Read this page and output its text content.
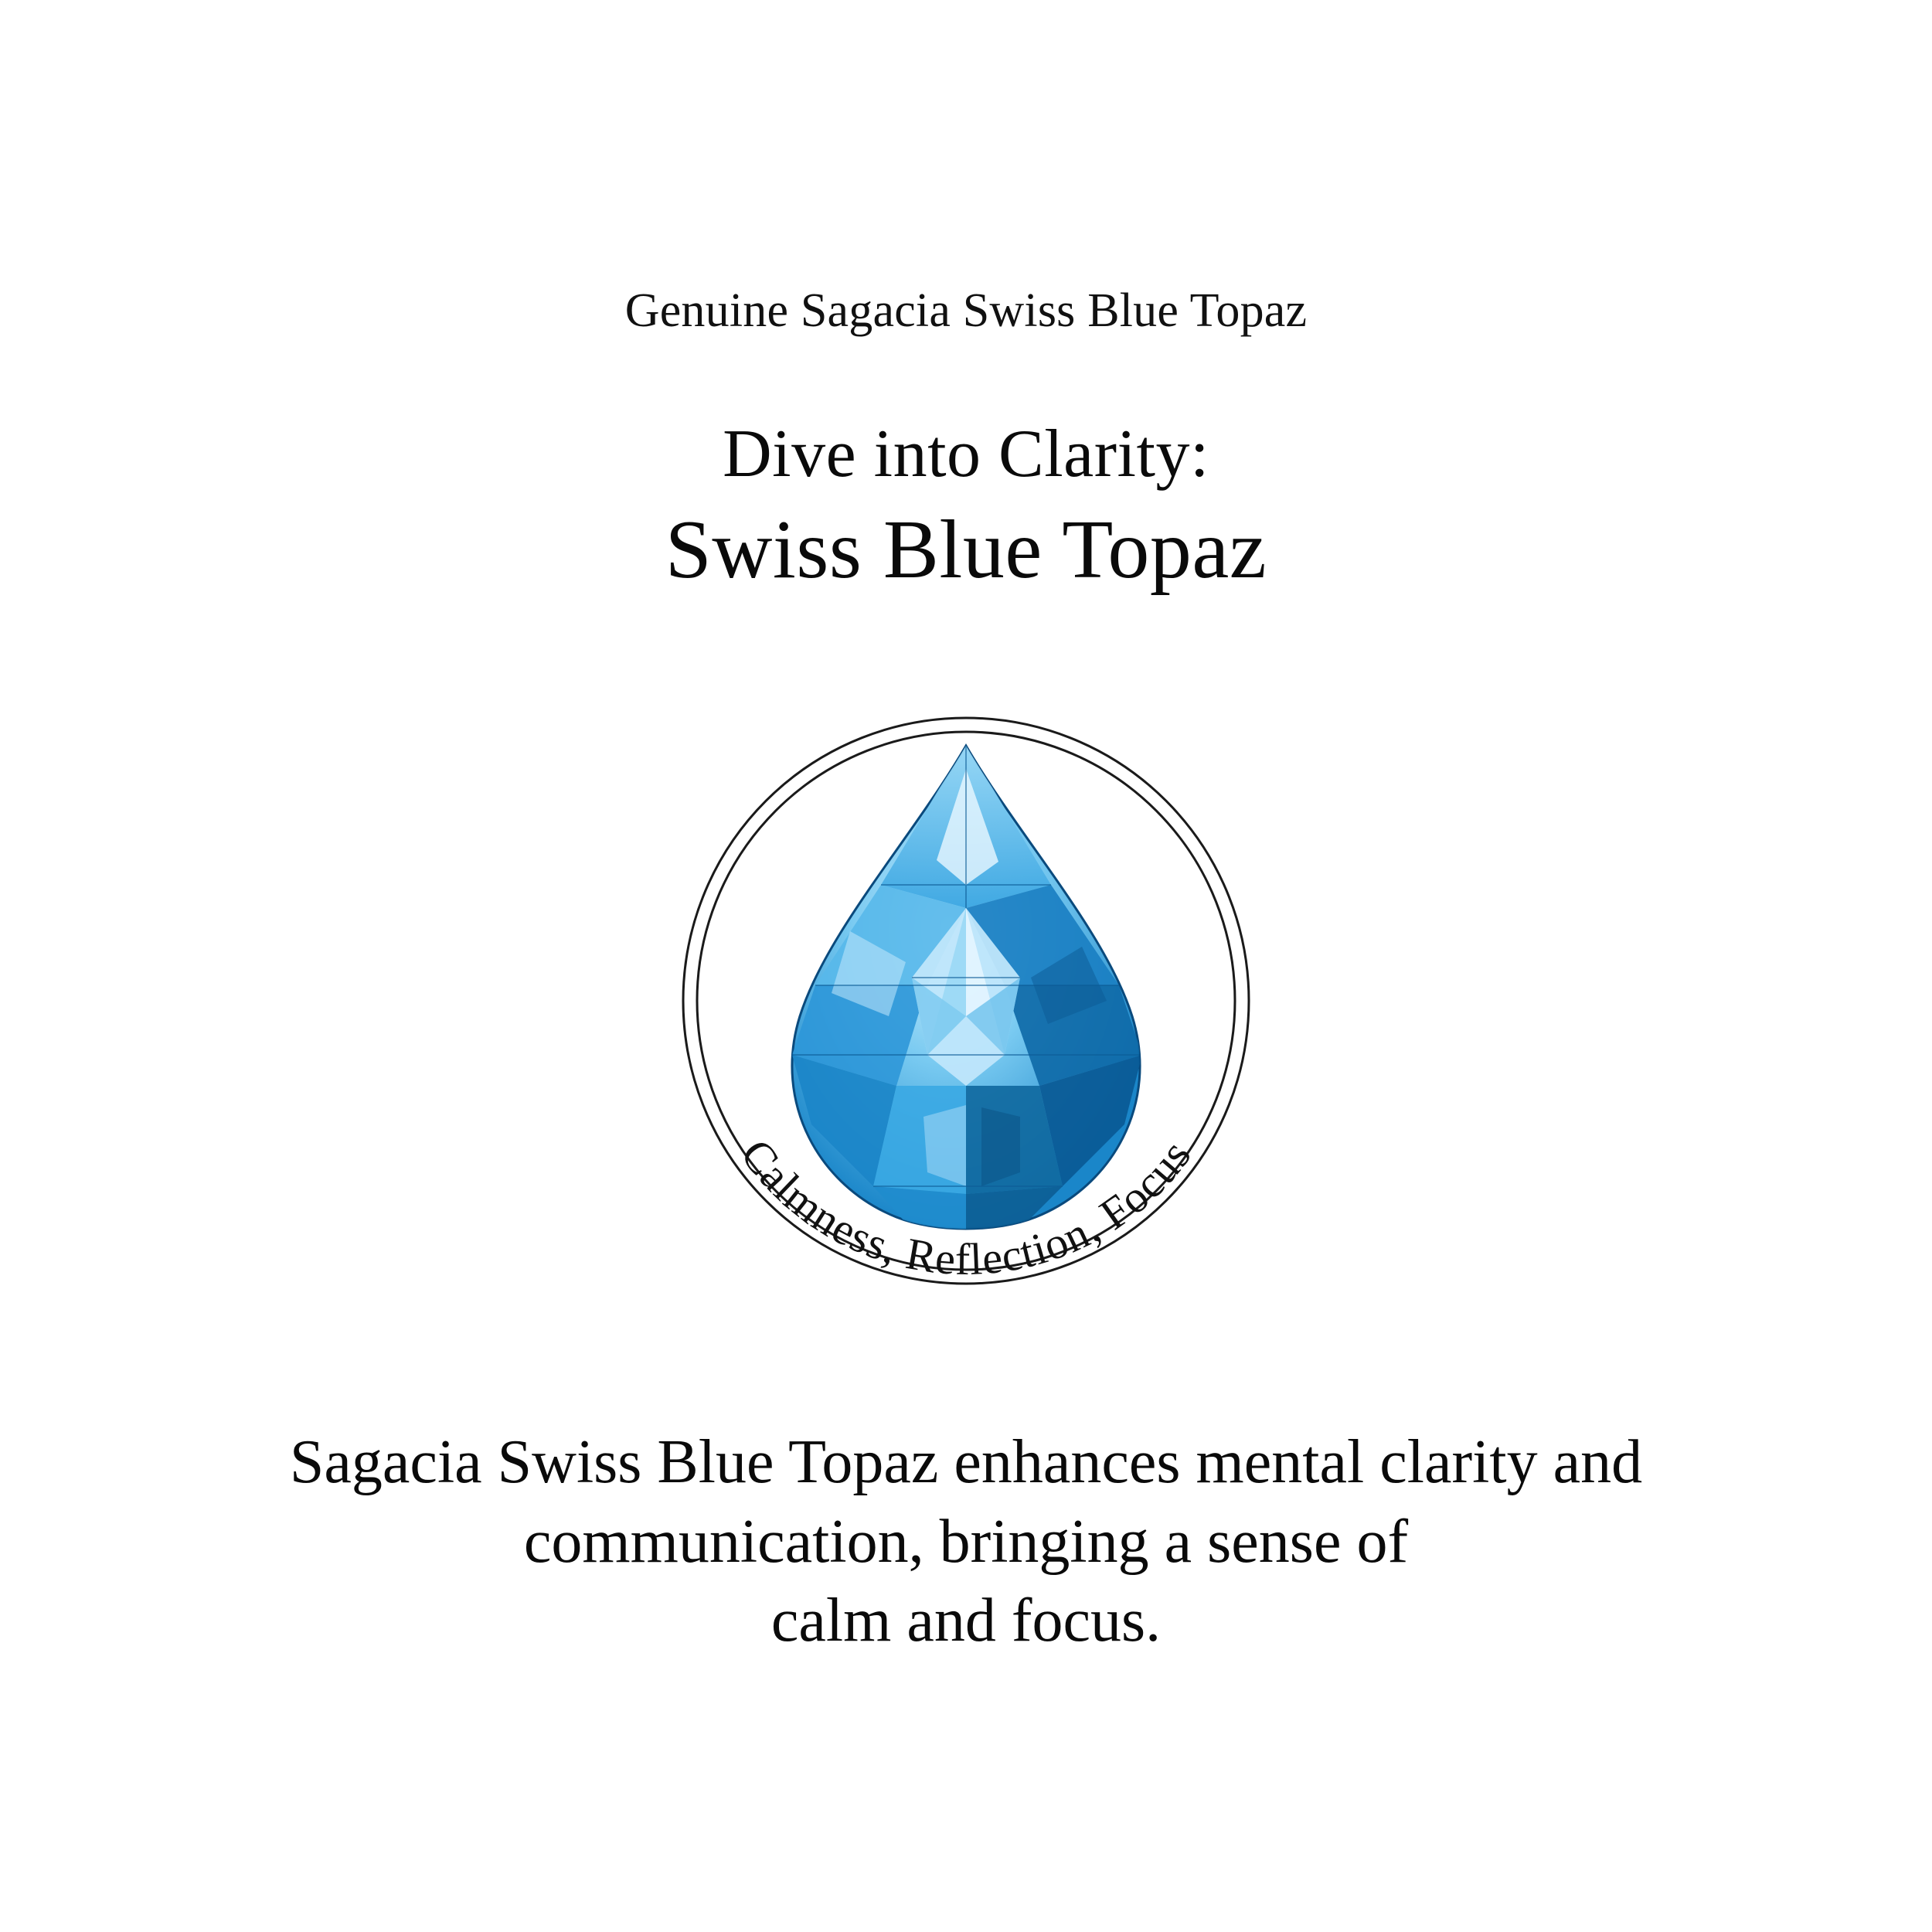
Genuine Sagacia Swiss Blue Topaz
Dive into Clarity:
Swiss Blue Topaz
Calmness, Reflection, Focus
Sagacia Swiss Blue Topaz enhances mental clarity and
communication, bringing a sense of
calm and focus.
